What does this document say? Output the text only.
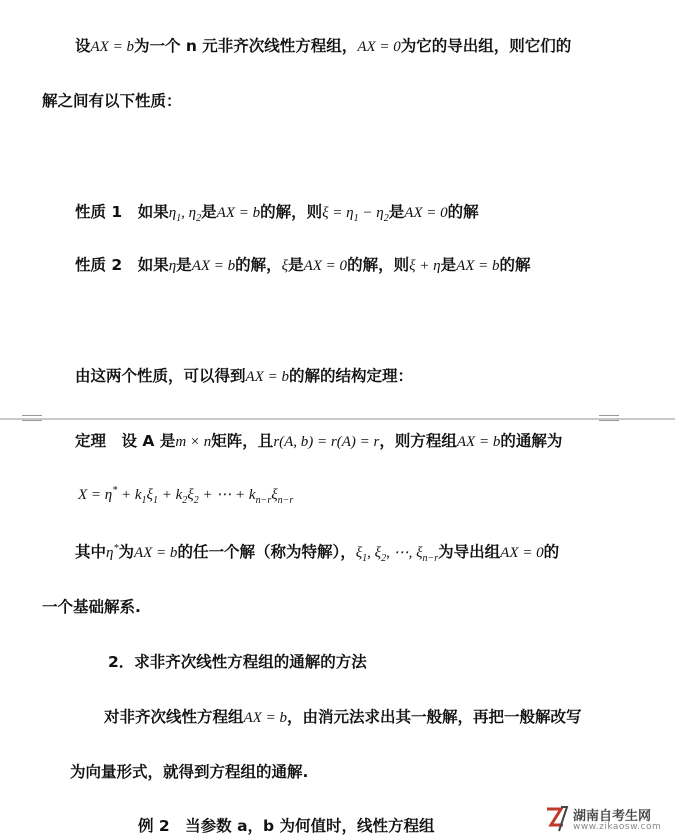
设AX = b为一个 n 元非齐次线性方程组，AX = 0为它的导出组，则它们的
解之间有以下性质：
性质 1　 如果$\eta_1$, $\eta_2$是AX = b的解，则$\xi = \eta_1 - \eta_2$是AX = 0的解
性质 2　 如果η是AX = b的解，ξ是AX = 0的解，则ξ + η是AX = b的解
由这两个性质，可以得到AX = b的解的结构定理：
定理　 设 A 是m × n矩阵，且r(A, b) = r(A) = r，则方程组AX = b的通解为
$X = \eta^* + k_1\xi_1 + k_2\xi_2$ + ⋯ + $k_{n-r}\xi_{n-r}$
其中η*为AX = b的任一个解（称为特解），$\xi_1$, $\xi_2$, ⋯, $\xi_{n-r}$为导出组AX = 0的
一个基础解系.
2．求非齐次线性方程组的通解的方法
对非齐次线性方程组AX = b，由消元法求出其一般解，再把一般解改写
为向量形式，就得到方程组的通解.
例 2　当参数 a，b 为何值时，线性方程组
湖南自考生网
www.zikaosw.com
